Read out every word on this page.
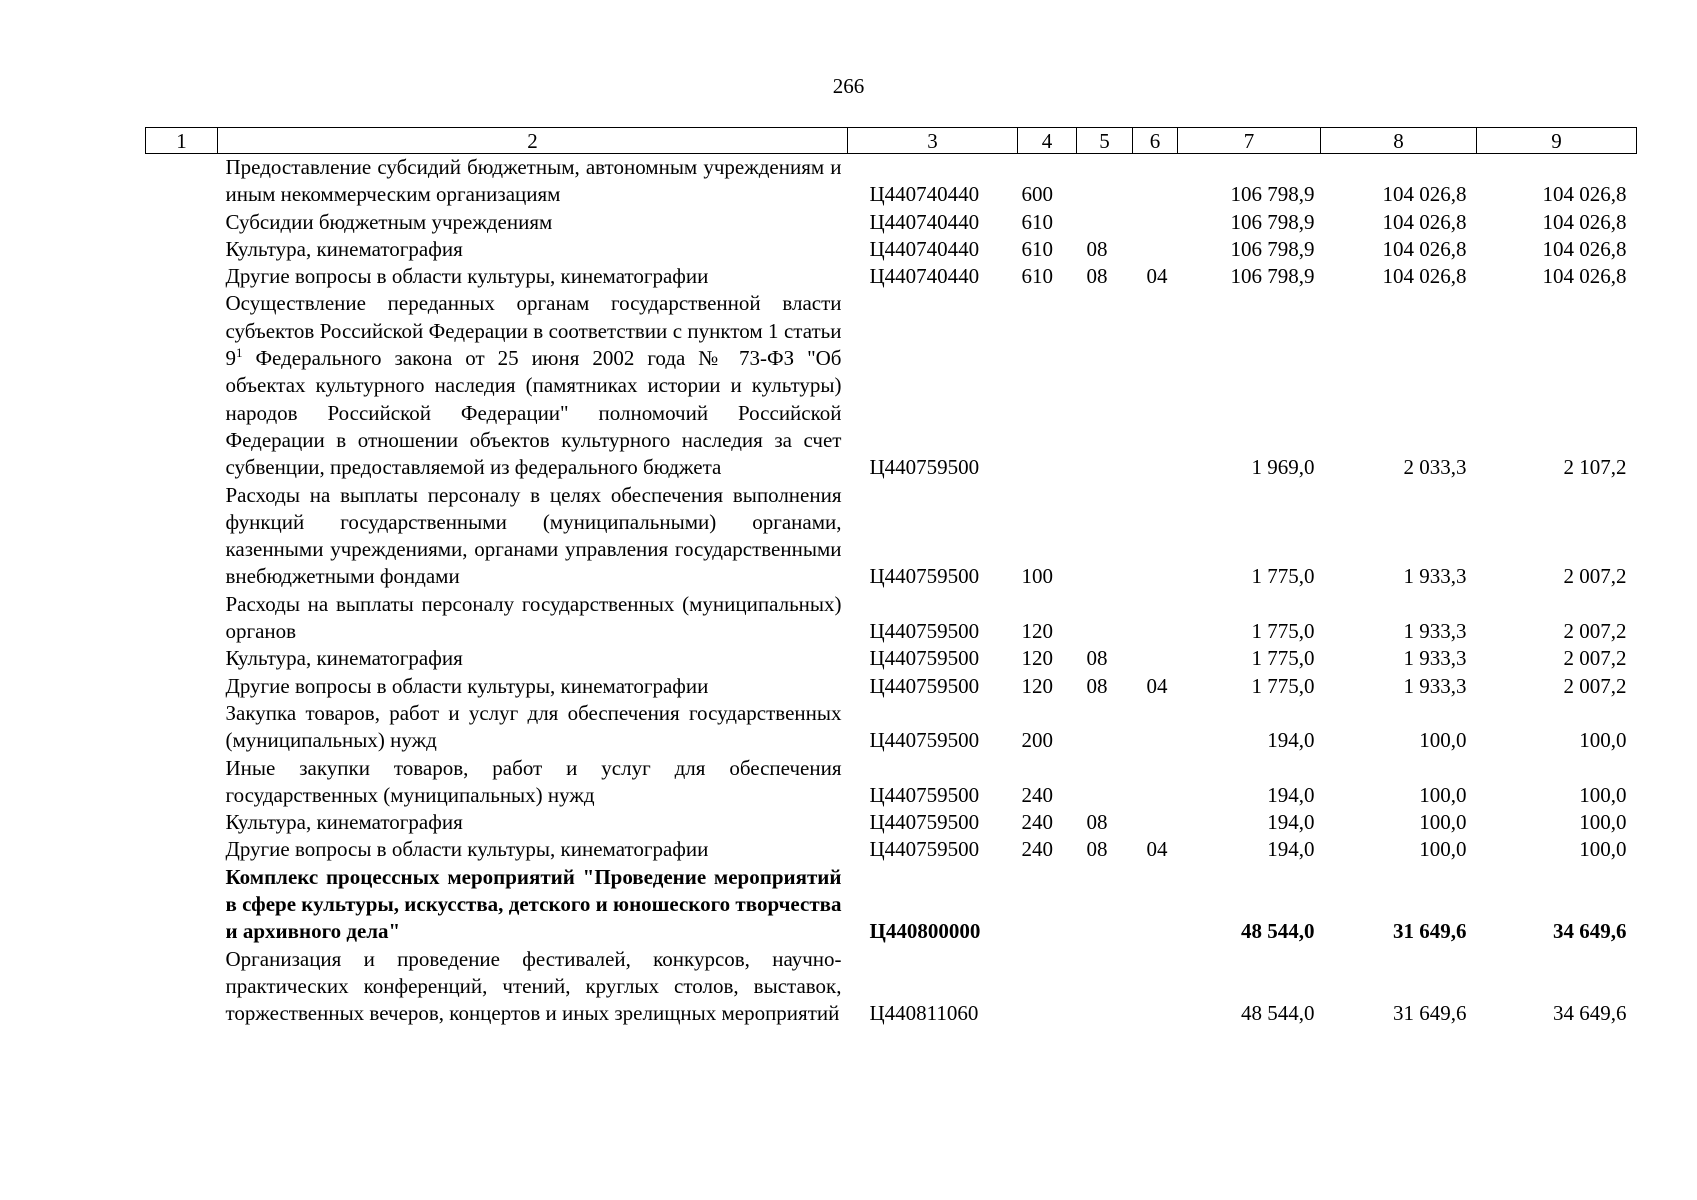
266
1	2	3	4	5	6	7	8	9
	Предоставление субсидий бюджетным, автономным учреждениям и иным некоммерческим организациям	Ц440740440	600			106 798,9	104 026,8	104 026,8
	Субсидии бюджетным учреждениям	Ц440740440	610			106 798,9	104 026,8	104 026,8
	Культура, кинематография	Ц440740440	610	08		106 798,9	104 026,8	104 026,8
	Другие вопросы в области культуры, кинематографии	Ц440740440	610	08	04	106 798,9	104 026,8	104 026,8
	Осуществление переданных органам государственной власти субъектов Российской Федерации в соответствии с пунктом 1 статьи $9^1$ Федерального закона от 25 июня 2002 года № 73-ФЗ "Об объектах культурного наследия (памятниках истории и культуры) народов Российской Федерации" полномочий Российской Федерации в отношении объектов культурного наследия за счет субвенции, предоставляемой из федерального бюджета	Ц440759500				1 969,0	2 033,3	2 107,2
	Расходы на выплаты персоналу в целях обеспечения выполнения функций государственными (муниципальными) органами, казенными учреждениями, органами управления государственными внебюджетными фондами	Ц440759500	100			1 775,0	1 933,3	2 007,2
	Расходы на выплаты персоналу государственных (муниципальных) органов	Ц440759500	120			1 775,0	1 933,3	2 007,2
	Культура, кинематография	Ц440759500	120	08		1 775,0	1 933,3	2 007,2
	Другие вопросы в области культуры, кинематографии	Ц440759500	120	08	04	1 775,0	1 933,3	2 007,2
	Закупка товаров, работ и услуг для обеспечения государственных (муниципальных) нужд	Ц440759500	200			194,0	100,0	100,0
	Иные закупки товаров, работ и услуг для обеспечения государственных (муниципальных) нужд	Ц440759500	240			194,0	100,0	100,0
	Культура, кинематография	Ц440759500	240	08		194,0	100,0	100,0
	Другие вопросы в области культуры, кинематографии	Ц440759500	240	08	04	194,0	100,0	100,0
	Комплекс процессных мероприятий "Проведение мероприятий в сфере культуры, искусства, детского и юношеского творчества и архивного дела"	Ц440800000				48 544,0	31 649,6	34 649,6
	Организация и проведение фестивалей, конкурсов, научно-практических конференций, чтений, круглых столов, выставок, торжественных вечеров, концертов и иных зрелищных мероприятий	Ц440811060				48 544,0	31 649,6	34 649,6
